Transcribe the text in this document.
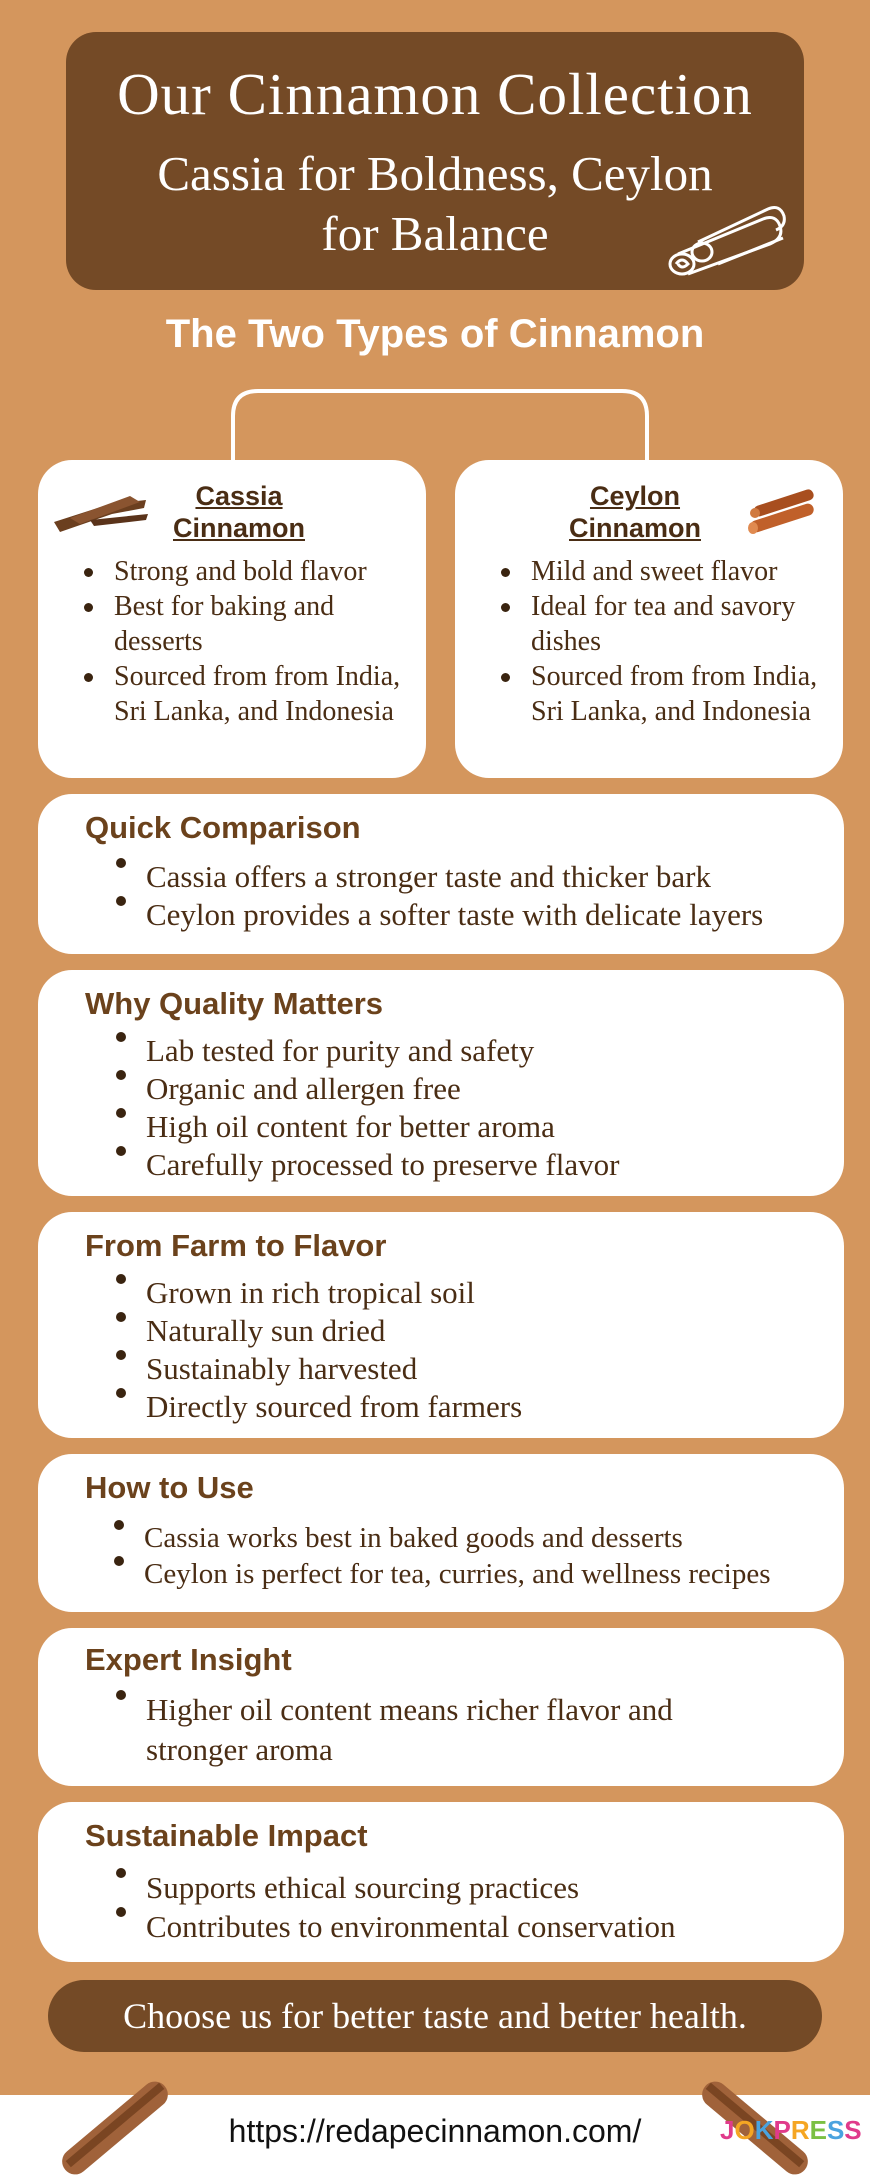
Our Cinnamon Collection
Cassia for Boldness, Ceylon for Balance
The Two Types of Cinnamon
Cassia Cinnamon
Strong and bold flavor
Best for baking and desserts
Sourced from from India, Sri Lanka, and Indonesia
Ceylon Cinnamon
Mild and sweet flavor
Ideal for tea and savory dishes
Sourced from from India, Sri Lanka, and Indonesia
Quick Comparison
Cassia offers a stronger taste and thicker bark
Ceylon provides a softer taste with delicate layers
Why Quality Matters
Lab tested for purity and safety
Organic and allergen free
High oil content for better aroma
Carefully processed to preserve flavor
From Farm to Flavor
Grown in rich tropical soil
Naturally sun dried
Sustainably harvested
Directly sourced from farmers
How to Use
Cassia works best in baked goods and desserts
Ceylon is perfect for tea, curries, and wellness recipes
Expert Insight
Higher oil content means richer flavor and stronger aroma
Sustainable Impact
Supports ethical sourcing practices
Contributes to environmental conservation
Choose us for better taste and better health.
https://redapecinnamon.com/	JOKPRESS
